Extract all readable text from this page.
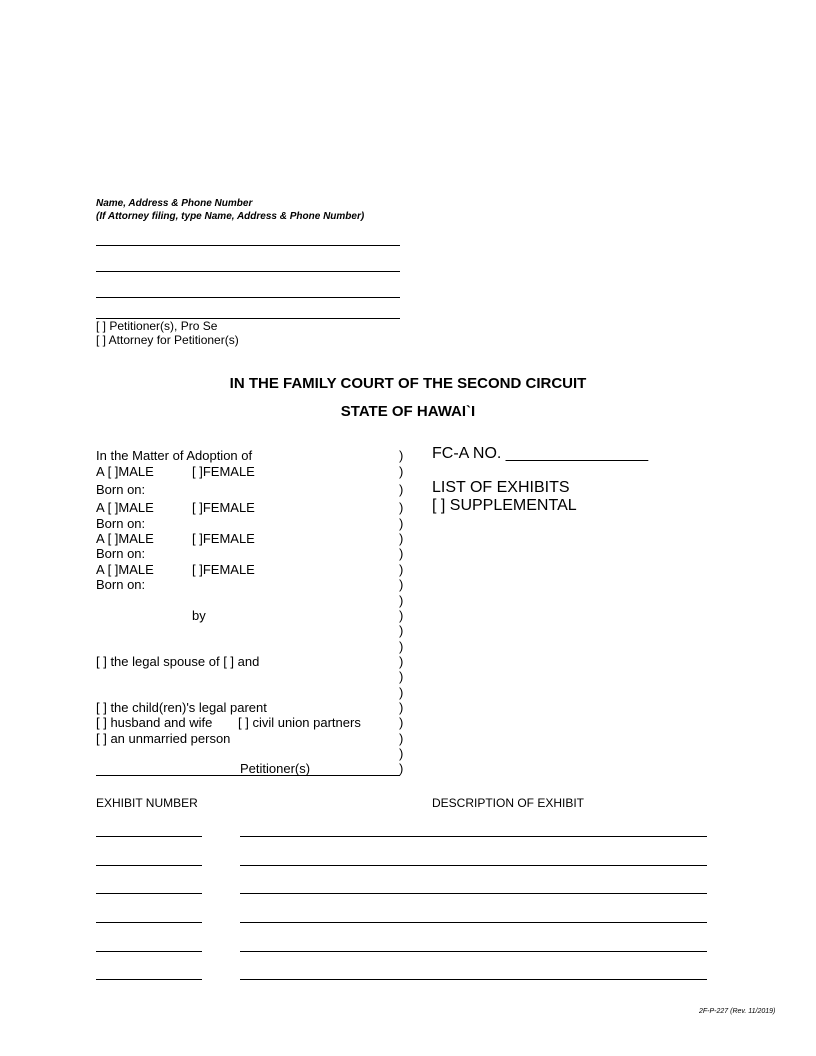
Name, Address & Phone Number
(If Attorney filing, type Name, Address & Phone Number)
[ ] Petitioner(s), Pro Se
[ ] Attorney for Petitioner(s)
IN THE FAMILY COURT OF THE SECOND CIRCUIT
STATE OF HAWAI`I
In the Matter of Adoption of
A [ ]MALE	[ ]FEMALE
Born on:
A [ ]MALE	[ ]FEMALE
Born on:
A [ ]MALE	[ ]FEMALE
Born on:
A [ ]MALE	[ ]FEMALE
Born on:
by
[ ] the legal spouse of [ ] and
[ ] the child(ren)'s legal parent
[ ] husband and wife [ ] civil union partners
[ ] an unmarried person
Petitioner(s)
)
)
)
)
)
)
)
)
)
)
)
)
)
)
)
)
)
)
)
)
)
FC-A NO. ________________
LIST OF EXHIBITS
[ ] SUPPLEMENTAL
EXHIBIT NUMBER	DESCRIPTION OF EXHIBIT
2F-P-227 (Rev. 11/2019)
